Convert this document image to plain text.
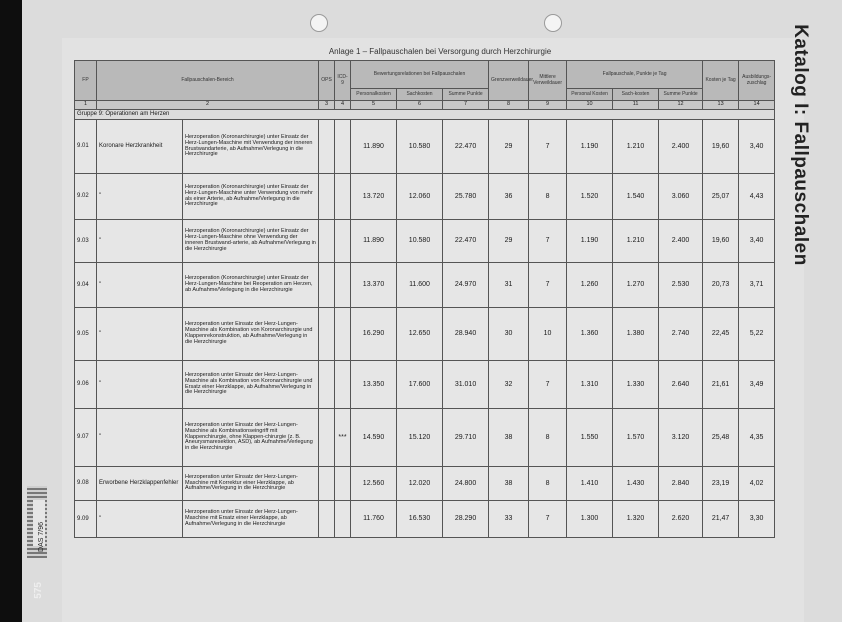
Anlage 1 – Fallpauschalen bei Versorgung durch Herzchirurgie
FP	Fallpauschalen-Bereich		OPS	ICD-9	Bewertungsrelationen bei Fallpauschalen			Grenzverweildauer	Mittlere Verweildauer	Fallpauschale, Punkte je Tag			Kosten je Tag	Ausbildungs-zuschlag
					Personalkosten	Sachkosten	Summe Punkte			Personal Kosten	Sach-kosten	Summe Punkte		
1	2		3	4	5	6	7	8	9	10	11	12	13	14
Gruppe 9: Operationen am Herzen														
9.01	Koronare Herzkrankheit	Herzoperation (Koronarchirurgie) unter Einsatz der Herz-Lungen-Maschine mit Verwendung der inneren Brustwandarterie, ab Aufnahme/Verlegung in die Herzchirurgie			11.890	10.580	22.470	29	7	1.190	1.210	2.400	19,60	3,40
9.02	"	Herzoperation (Koronarchirurgie) unter Einsatz der Herz-Lungen-Maschine unter Verwendung von mehr als einer Arterie, ab Aufnahme/Verlegung in die Herzchirurgie			13.720	12.060	25.780	36	8	1.520	1.540	3.060	25,07	4,43
9.03	"	Herzoperation (Koronarchirurgie) unter Einsatz der Herz-Lungen-Maschine ohne Verwendung der inneren Brustwand-arterie, ab Aufnahme/Verlegung in die Herzchirurgie			11.890	10.580	22.470	29	7	1.190	1.210	2.400	19,60	3,40
9.04	"	Herzoperation (Koronarchirurgie) unter Einsatz der Herz-Lungen-Maschine bei Reoperation am Herzen, ab Aufnahme/Verlegung in die Herzchirurgie			13.370	11.600	24.970	31	7	1.260	1.270	2.530	20,73	3,71
9.05	"	Herzoperation unter Einsatz der Herz-Lungen-Maschine als Kombination von Koronarchirurgie und Klappenrekonstruktion, ab Aufnahme/Verlegung in die Herzchirurgie			16.290	12.650	28.940	30	10	1.360	1.380	2.740	22,45	5,22
9.06	"	Herzoperation unter Einsatz der Herz-Lungen-Maschine als Kombination von Koronarchirurgie und Ersatz einer Herzklappe, ab Aufnahme/Verlegung in die Herzchirurgie			13.350	17.600	31.010	32	7	1.310	1.330	2.640	21,61	3,49
9.07	"	Herzoperation unter Einsatz der Herz-Lungen-Maschine als Kombinationseingriff mit Klappenchirurgie, ohne Klappen-chirurgie (z. B. Aneurysmaresektion, ASD), ab Aufnahme/Verlegung in die Herzchirurgie		***	14.590	15.120	29.710	38	8	1.550	1.570	3.120	25,48	4,35
9.08	Erworbene Herzklappenfehler	Herzoperation unter Einsatz der Herz-Lungen-Maschine mit Korrektur einer Herzklappe, ab Aufnahme/Verlegung in die Herzchirurgie			12.560	12.020	24.800	38	8	1.410	1.430	2.840	23,19	4,02
9.09	"	Herzoperation unter Einsatz der Herz-Lungen-Maschine mit Ersatz einer Herzklappe, ab Aufnahme/Verlegung in die Herzchirurgie			11.760	16.530	28.290	33	7	1.300	1.320	2.620	21,47	3,30
Katalog I: Fallpauschalen
DAS 7/96
575
